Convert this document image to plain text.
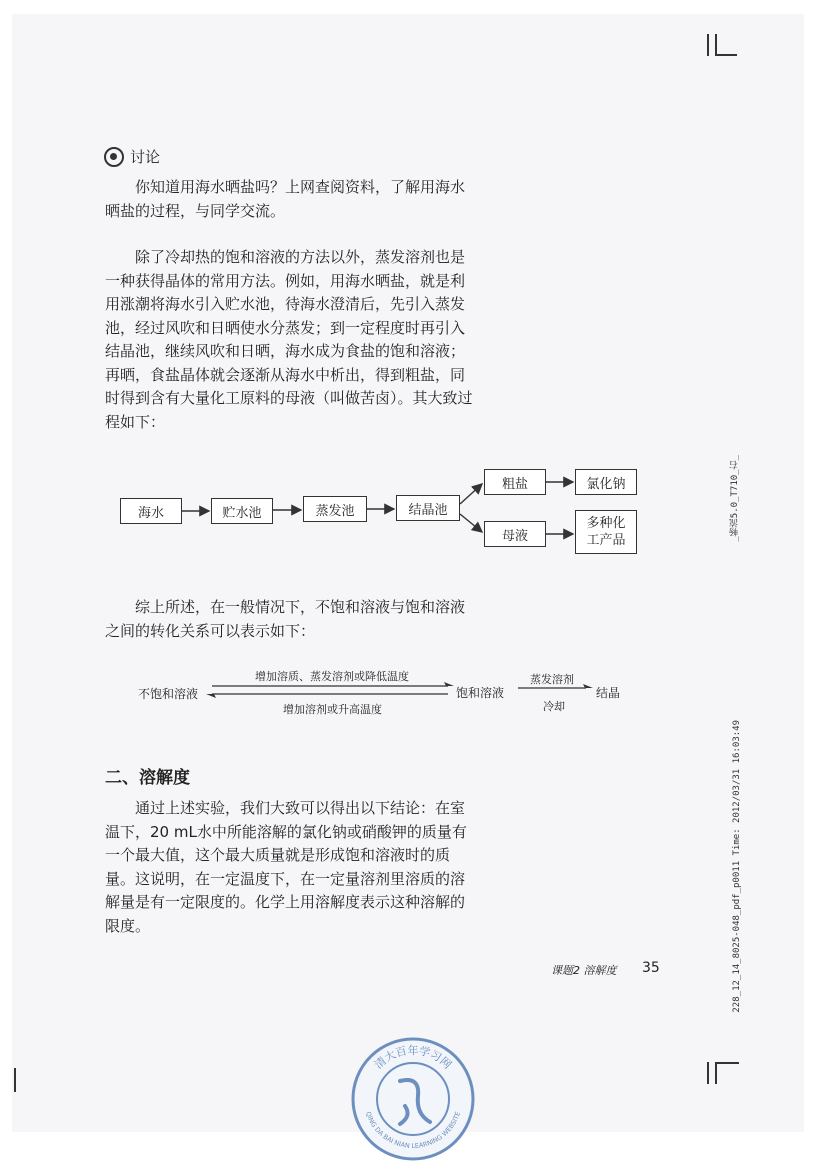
讨论

你知道用海水晒盐吗？上网查阅资料，了解用海水晒盐的过程，与同学交流。

除了冷却热的饱和溶液的方法以外，蒸发溶剂也是一种获得晶体的常用方法。例如，用海水晒盐，就是利用涨潮将海水引入贮水池，待海水澄清后，先引入蒸发池，经过风吹和日晒使水分蒸发；到一定程度时再引入结晶池，继续风吹和日晒，海水成为食盐的饱和溶液；再晒，食盐晶体就会逐渐从海水中析出，得到粗盐，同时得到含有大量化工原料的母液（叫做苦卤）。其大致过程如下：

海水	贮水池	蒸发池	结晶池
粗盐
母液
氯化钠
多种化
工产品

综上所述，在一般情况下，不饱和溶液与饱和溶液之间的转化关系可以表示如下：

不饱和溶液	饱和溶液	结晶
增加溶质、蒸发溶剂或降低温度
增加溶剂或升高温度
蒸发溶剂
冷却
二、溶解度

通过上述实验，我们大致可以得出以下结论：在室温下，20 mL水中所能溶解的氯化钠或硝酸钾的质量有一个最大值，这个最大质量就是形成饱和溶液时的质量。这说明，在一定温度下，在一定量溶剂里溶质的溶解量是有一定限度的。化学上用溶解度表示这种溶解的限度。

课题2 溶解度 35
_畅流5.0_T710_右_
228_12_14_8025-048_pdf_p0011 Time: 2012/03/31 16:03:49
清大百年学习网
QING DA BAI NIAN LEARNING WEBSITE
